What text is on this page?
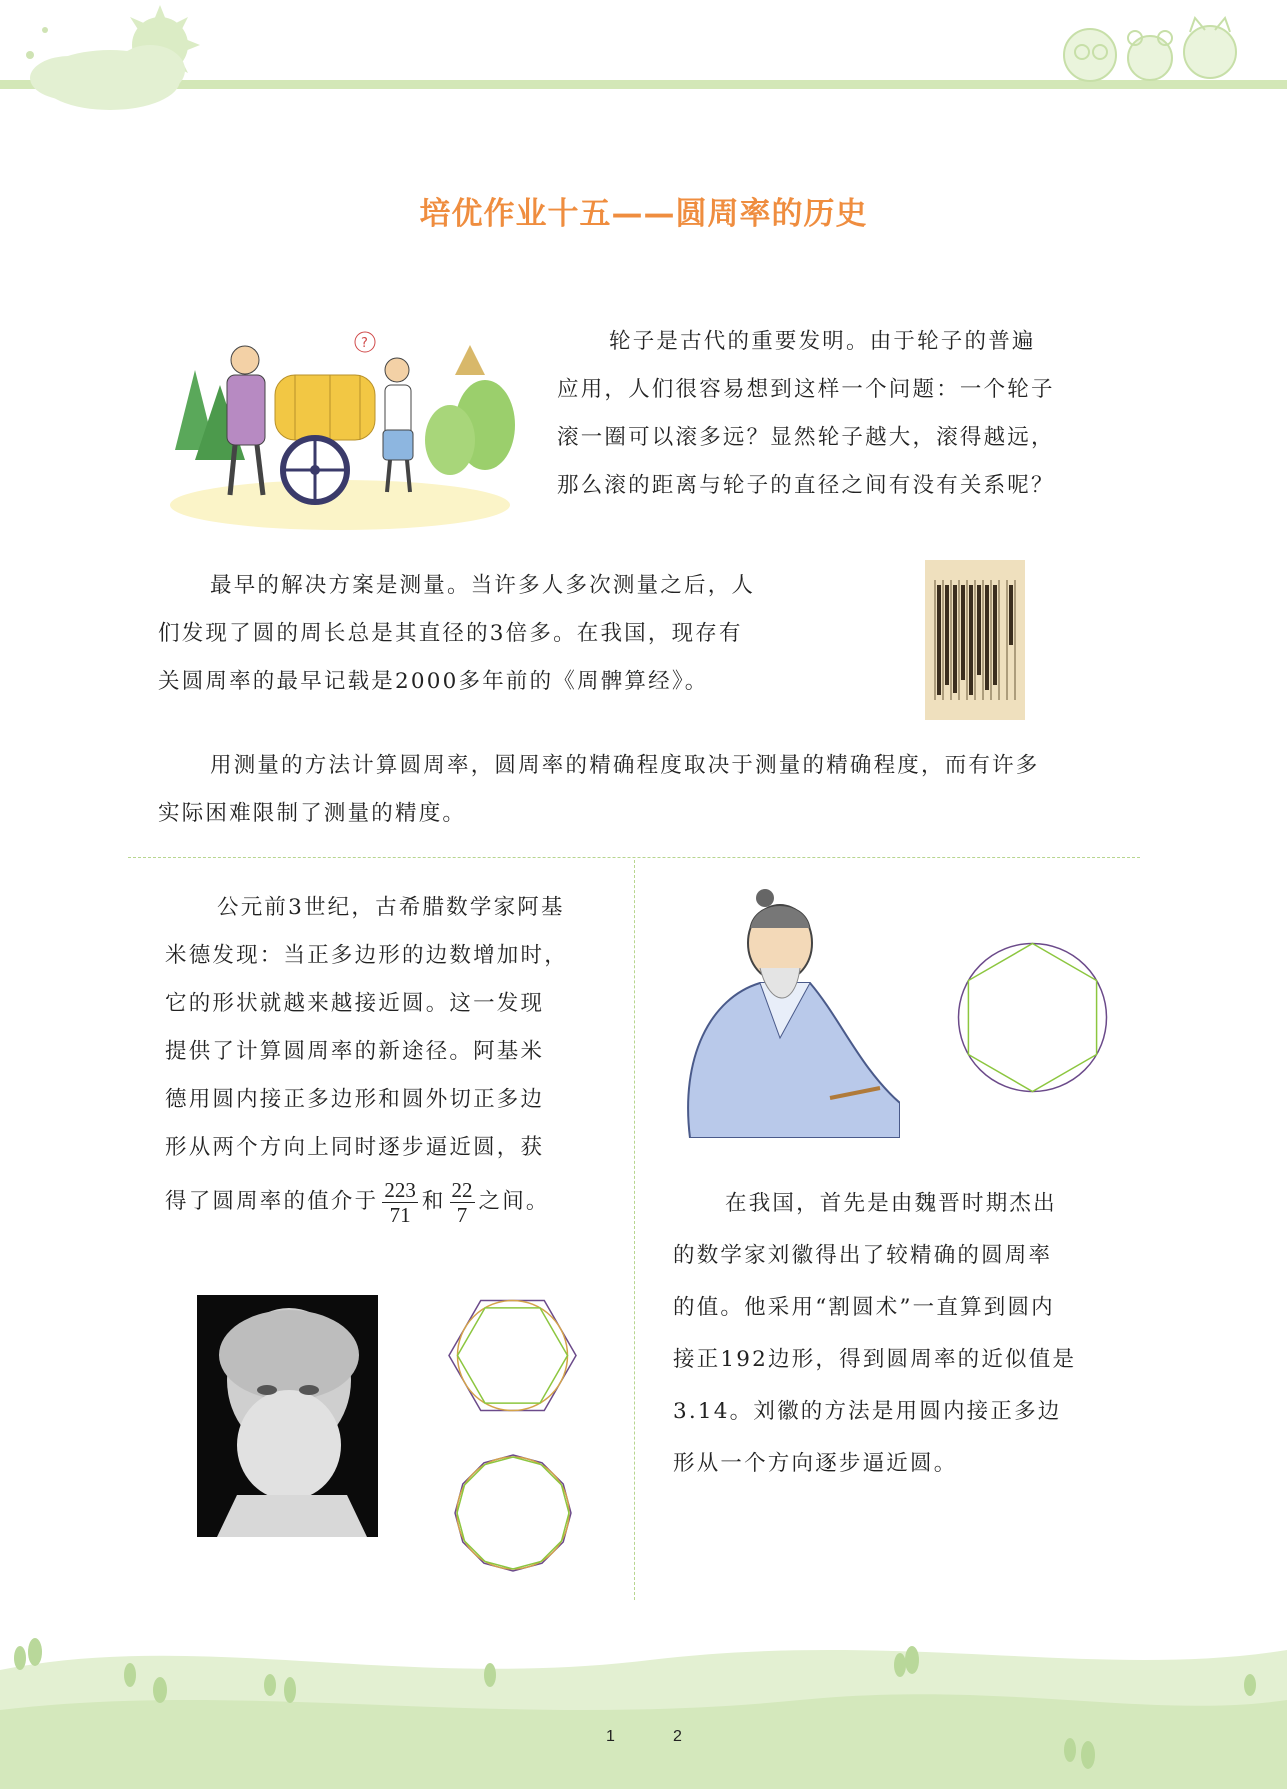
培优作业十五——圆周率的历史
?	轮子是古代的重要发明。由于轮子的普遍
应用，人们很容易想到这样一个问题：一个轮子
滚一圈可以滚多远？显然轮子越大，滚得越远，
那么滚的距离与轮子的直径之间有没有关系呢？
最早的解决方案是测量。当许多人多次测量之后，人
们发现了圆的周长总是其直径的3倍多。在我国，现存有
关圆周率的最早记载是2000多年前的《周髀算经》。
用测量的方法计算圆周率，圆周率的精确程度取决于测量的精确程度，而有许多
实际困难限制了测量的精度。
公元前3世纪，古希腊数学家阿基
米德发现：当正多边形的边数增加时，
它的形状就越来越接近圆。这一发现
提供了计算圆周率的新途径。阿基米
德用圆内接正多边形和圆外切正多边
形从两个方向上同时逐步逼近圆，获
得了圆周率的值介于 $\frac{223}{71}$ 和 $\frac{22}{7}$ 之间。	在我国，首先是由魏晋时期杰出
的数学家刘徽得出了较精确的圆周率
的值。他采用“割圆术”一直算到圆内
接正192边形，得到圆周率的近似值是
3.14。刘徽的方法是用圆内接正多边
形从一个方向逐步逼近圆。
1	2
